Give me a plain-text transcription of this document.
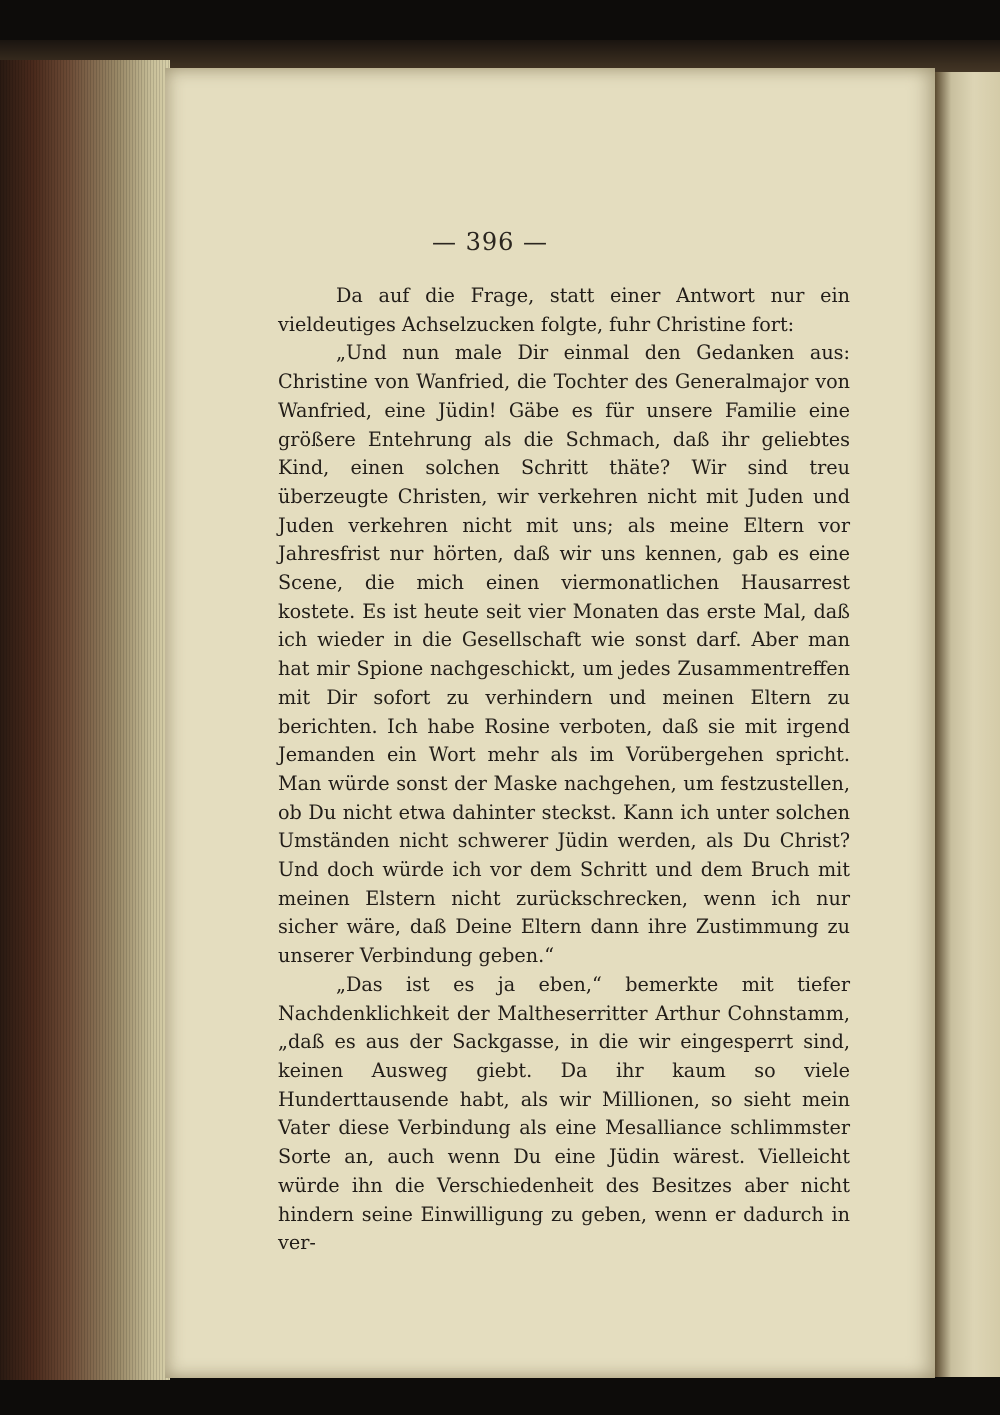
— 396 —

Da auf die Frage, statt einer Antwort nur ein vieldeutiges Achselzucken folgte, fuhr Christine fort:

„Und nun male Dir einmal den Gedanken aus: Christine von Wanfried, die Tochter des Generalmajor von Wanfried, eine Jüdin! Gäbe es für unsere Familie eine größere Entehrung als die Schmach, daß ihr geliebtes Kind, einen solchen Schritt thäte? Wir sind treu überzeugte Christen, wir verkehren nicht mit Juden und Juden verkehren nicht mit uns; als meine Eltern vor Jahresfrist nur hörten, daß wir uns kennen, gab es eine Scene, die mich einen viermonatlichen Hausarrest kostete. Es ist heute seit vier Monaten das erste Mal, daß ich wieder in die Gesellschaft wie sonst darf. Aber man hat mir Spione nachgeschickt, um jedes Zusammentreffen mit Dir sofort zu verhindern und meinen Eltern zu berichten. Ich habe Rosine verboten, daß sie mit irgend Jemanden ein Wort mehr als im Vorübergehen spricht. Man würde sonst der Maske nachgehen, um festzustellen, ob Du nicht etwa dahinter steckst. Kann ich unter solchen Umständen nicht schwerer Jüdin werden, als Du Christ? Und doch würde ich vor dem Schritt und dem Bruch mit meinen Elstern nicht zurückschrecken, wenn ich nur sicher wäre, daß Deine Eltern dann ihre Zustimmung zu unserer Verbindung geben.“

„Das ist es ja eben,“ bemerkte mit tiefer Nachdenklichkeit der Maltheserritter Arthur Cohnstamm, „daß es aus der Sackgasse, in die wir eingesperrt sind, keinen Ausweg giebt. Da ihr kaum so viele Hunderttausende habt, als wir Millionen, so sieht mein Vater diese Verbindung als eine Mesalliance schlimmster Sorte an, auch wenn Du eine Jüdin wärest. Vielleicht würde ihn die Verschiedenheit des Besitzes aber nicht hindern seine Einwilligung zu geben, wenn er dadurch in ver-
